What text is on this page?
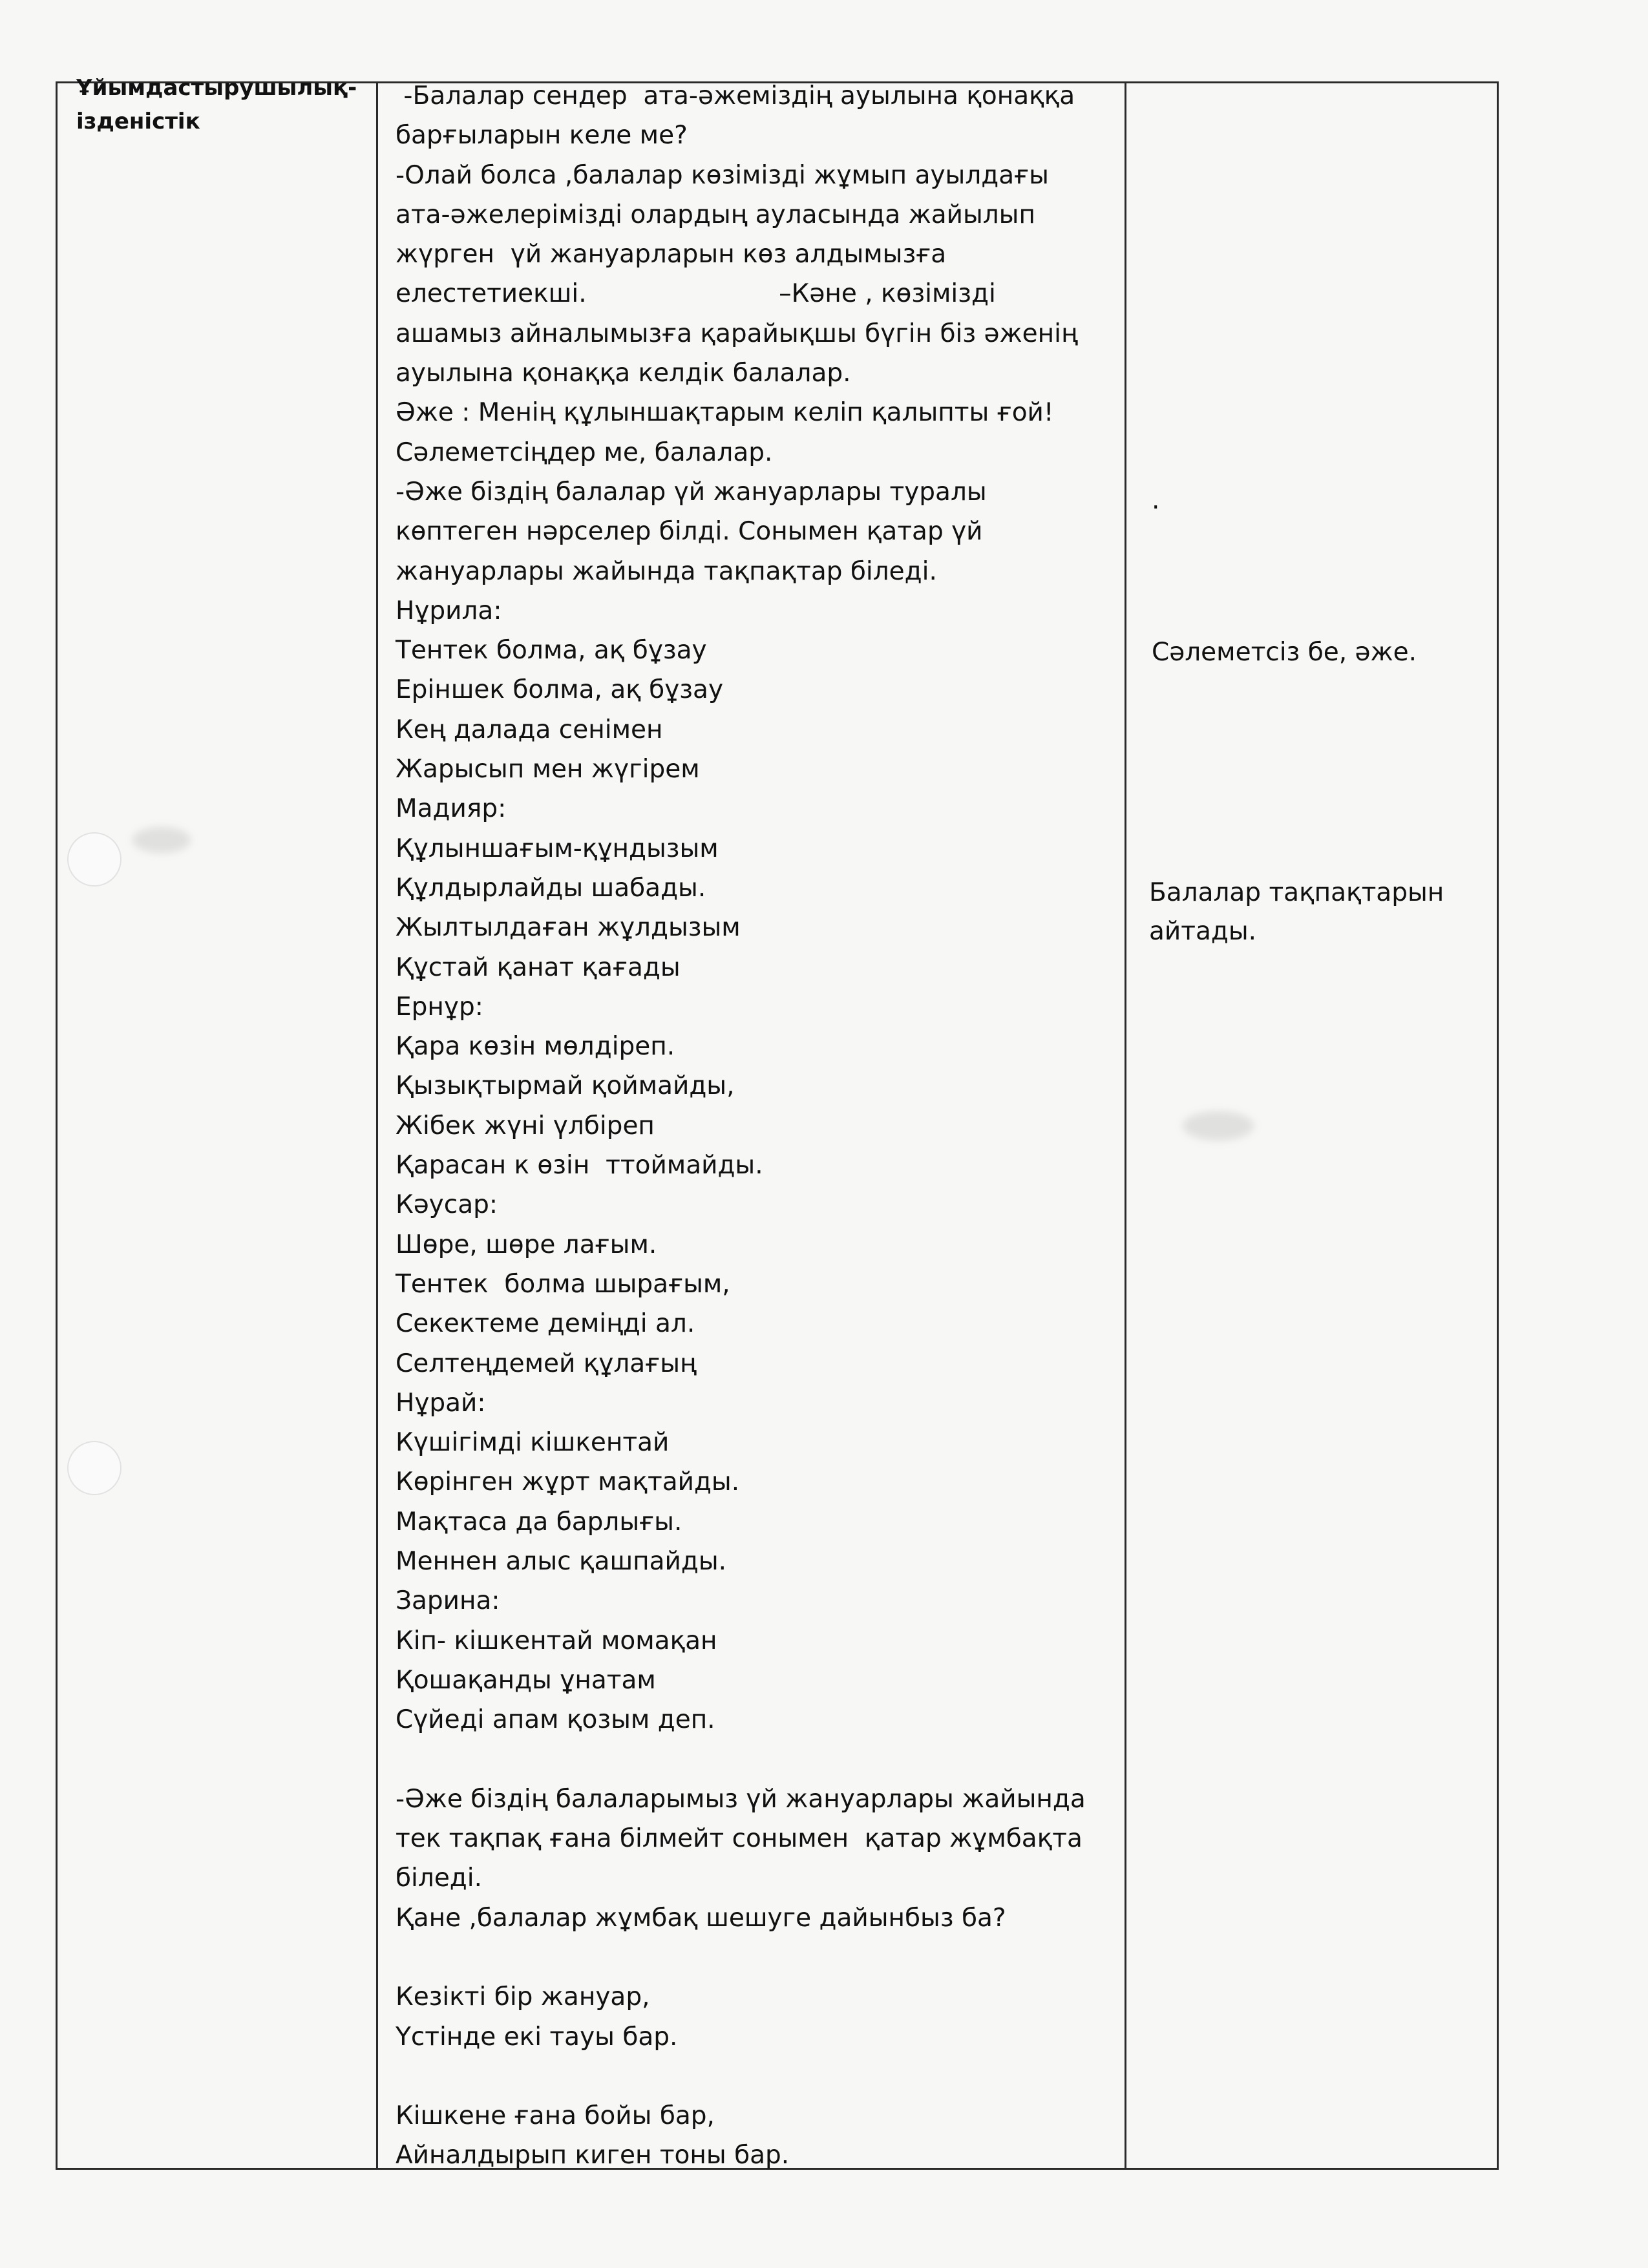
Ұйымдастырушылық-ізденістік
-Балалар сендер  ата-әжеміздің ауылына қонаққа
барғыларын келе ме?
-Олай болса ,балалар көзімізді жұмып ауылдағы
ата-әжелерімізді олардың ауласында жайылып
жүрген  үй жануарларын көз алдымызға
елестетиекші.                        –Кәне , көзімізді
ашамыз айналымызға қарайықшы бүгін біз әженің
ауылына қонаққа келдік балалар.
Әже : Менің құлыншақтарым келіп қалыпты ғой!
Сәлеметсіңдер ме, балалар.
-Әже біздің балалар үй жануарлары туралы
көптеген нәрселер білді. Сонымен қатар үй
жануарлары жайында тақпақтар біледі.
Нұрила:
Тентек болма, ақ бұзау
Еріншек болма, ақ бұзау
Кең далада сенімен
Жарысып мен жүгірем
Мадияр:
Құлыншағым-құндызым
Құлдырлайды шабады.
Жылтылдаған жұлдызым
Құстай қанат қағады
Ернұр:
Қара көзін мөлдіреп.
Қызықтырмай қоймайды,
Жібек жүні үлбіреп
Қарасан к өзін  ттоймайды.
Кәусар:
Шөре, шөре лағым.
Тентек  болма шырағым,
Секектеме деміңді ал.
Селтеңдемей құлағың
Нұрай:
Күшігімді кішкентай
Көрінген жұрт мақтайды.
Мақтаса да барлығы.
Меннен алыс қашпайды.
Зарина:
Кіп- кішкентай момақан
Қошақанды ұнатам
Сүйеді апам қозым деп.
-Әже біздің балаларымыз үй жануарлары жайында
тек тақпақ ғана білмейт сонымен  қатар жұмбақта
біледі.
Қане ,балалар жұмбақ шешуге дайынбыз ба?
Кезікті бір жануар,
Үстінде екі тауы бар.
Кішкене ғана бойы бар,
Айналдырып киген тоны бар.
.
Сәлеметсіз бе, әже.
Балалар тақпақтарын айтады.
